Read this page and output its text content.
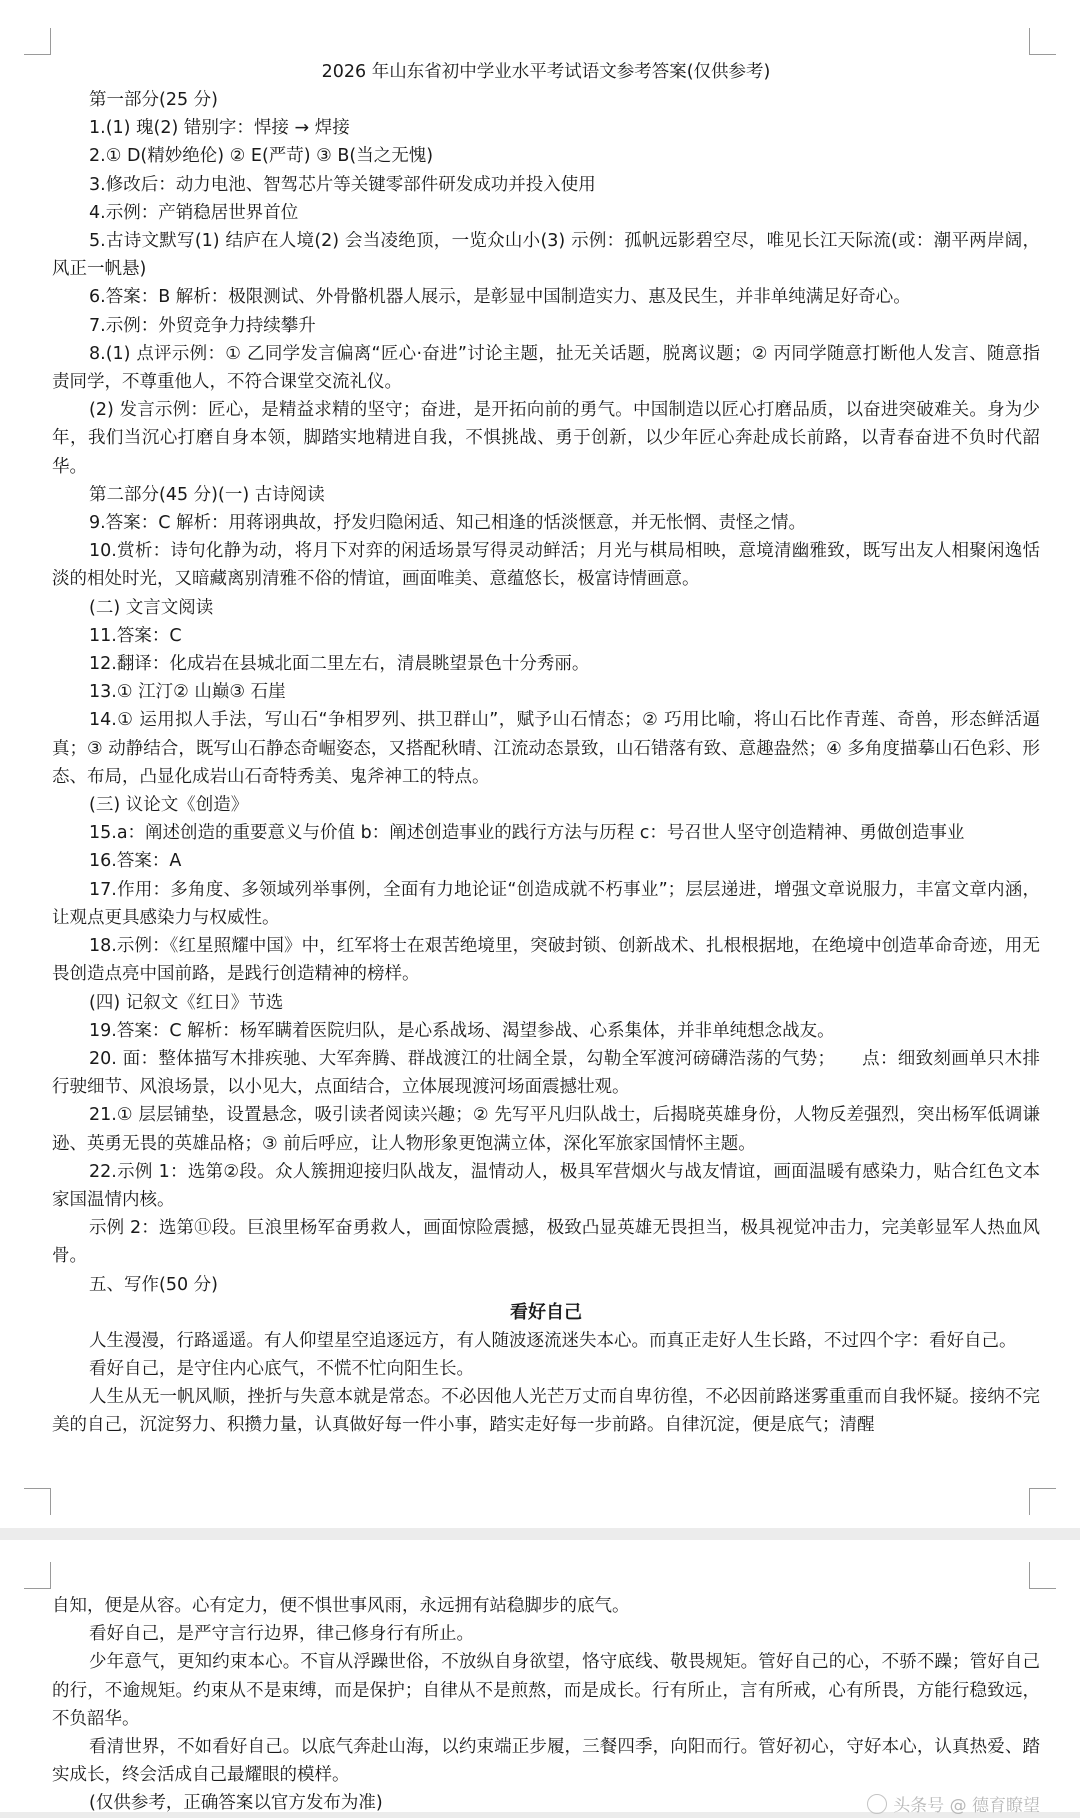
2026 年山东省初中学业水平考试语文参考答案(仅供参考)

第一部分(25 分)

1.(1) 瑰(2) 错别字：悍接 → 焊接

2.① D(精妙绝伦) ② E(严苛) ③ B(当之无愧)

3.修改后：动力电池、智驾芯片等关键零部件研发成功并投入使用

4.示例：产销稳居世界首位

5.古诗文默写(1) 结庐在人境(2) 会当凌绝顶，一览众山小(3) 示例：孤帆远影碧空尽，唯见长江天际流(或：潮平两岸阔，风正一帆悬)

6.答案：B 解析：极限测试、外骨骼机器人展示，是彰显中国制造实力、惠及民生，并非单纯满足好奇心。

7.示例：外贸竞争力持续攀升

8.(1) 点评示例：① 乙同学发言偏离“匠心·奋进”讨论主题，扯无关话题，脱离议题；② 丙同学随意打断他人发言、随意指责同学，不尊重他人，不符合课堂交流礼仪。

(2) 发言示例：匠心，是精益求精的坚守；奋进，是开拓向前的勇气。中国制造以匠心打磨品质，以奋进突破难关。身为少年，我们当沉心打磨自身本领，脚踏实地精进自我，不惧挑战、勇于创新，以少年匠心奔赴成长前路，以青春奋进不负时代韶华。

第二部分(45 分)(一) 古诗阅读

9.答案：C 解析：用蒋诩典故，抒发归隐闲适、知己相逢的恬淡惬意，并无怅惘、责怪之情。

10.赏析：诗句化静为动，将月下对弈的闲适场景写得灵动鲜活；月光与棋局相映，意境清幽雅致，既写出友人相聚闲逸恬淡的相处时光，又暗藏离别清雅不俗的情谊，画面唯美、意蕴悠长，极富诗情画意。

(二) 文言文阅读

11.答案：C

12.翻译：化成岩在县城北面二里左右，清晨眺望景色十分秀丽。

13.① 江汀② 山巅③ 石崖

14.① 运用拟人手法，写山石“争相罗列、拱卫群山”，赋予山石情态；② 巧用比喻，将山石比作青莲、奇兽，形态鲜活逼真；③ 动静结合，既写山石静态奇崛姿态，又搭配秋晴、江流动态景致，山石错落有致、意趣盎然；④ 多角度描摹山石色彩、形态、布局，凸显化成岩山石奇特秀美、鬼斧神工的特点。

(三) 议论文《创造》

15.a：阐述创造的重要意义与价值 b：阐述创造事业的践行方法与历程 c：号召世人坚守创造精神、勇做创造事业

16.答案：A

17.作用：多角度、多领域列举事例，全面有力地论证“创造成就不朽事业”；层层递进，增强文章说服力，丰富文章内涵，让观点更具感染力与权威性。

18.示例：《红星照耀中国》中，红军将士在艰苦绝境里，突破封锁、创新战术、扎根根据地，在绝境中创造革命奇迹，用无畏创造点亮中国前路，是践行创造精神的榜样。

(四) 记叙文《红日》节选

19.答案：C 解析：杨军瞒着医院归队，是心系战场、渴望参战、心系集体，并非单纯想念战友。

20. 面：整体描写木排疾驰、大军奔腾、群战渡江的壮阔全景，勾勒全军渡河磅礴浩荡的气势；　　点：细致刻画单只木排行驶细节、风浪场景，以小见大，点面结合，立体展现渡河场面震撼壮观。

21.① 层层铺垫，设置悬念，吸引读者阅读兴趣；② 先写平凡归队战士，后揭晓英雄身份，人物反差强烈，突出杨军低调谦逊、英勇无畏的英雄品格；③ 前后呼应，让人物形象更饱满立体，深化军旅家国情怀主题。

22.示例 1：选第②段。众人簇拥迎接归队战友，温情动人，极具军营烟火与战友情谊，画面温暖有感染力，贴合红色文本家国温情内核。

示例 2：选第⑪段。巨浪里杨军奋勇救人，画面惊险震撼，极致凸显英雄无畏担当，极具视觉冲击力，完美彰显军人热血风骨。

五、写作(50 分)

看好自己

人生漫漫，行路遥遥。有人仰望星空追逐远方，有人随波逐流迷失本心。而真正走好人生长路，不过四个字：看好自己。

看好自己，是守住内心底气，不慌不忙向阳生长。

人生从无一帆风顺，挫折与失意本就是常态。不必因他人光芒万丈而自卑彷徨，不必因前路迷雾重重而自我怀疑。接纳不完美的自己，沉淀努力、积攒力量，认真做好每一件小事，踏实走好每一步前路。自律沉淀，便是底气；清醒

自知，便是从容。心有定力，便不惧世事风雨，永远拥有站稳脚步的底气。

看好自己，是严守言行边界，律己修身行有所止。

少年意气，更知约束本心。不盲从浮躁世俗，不放纵自身欲望，恪守底线、敬畏规矩。管好自己的心，不骄不躁；管好自己的行，不逾规矩。约束从不是束缚，而是保护；自律从不是煎熬，而是成长。行有所止，言有所戒，心有所畏，方能行稳致远，不负韶华。

看清世界，不如看好自己。以底气奔赴山海，以约束端正步履，三餐四季，向阳而行。管好初心，守好本心，认真热爱、踏实成长，终会活成自己最耀眼的模样。

(仅供参考，正确答案以官方发布为准)	头条号 @ 德育瞭望
